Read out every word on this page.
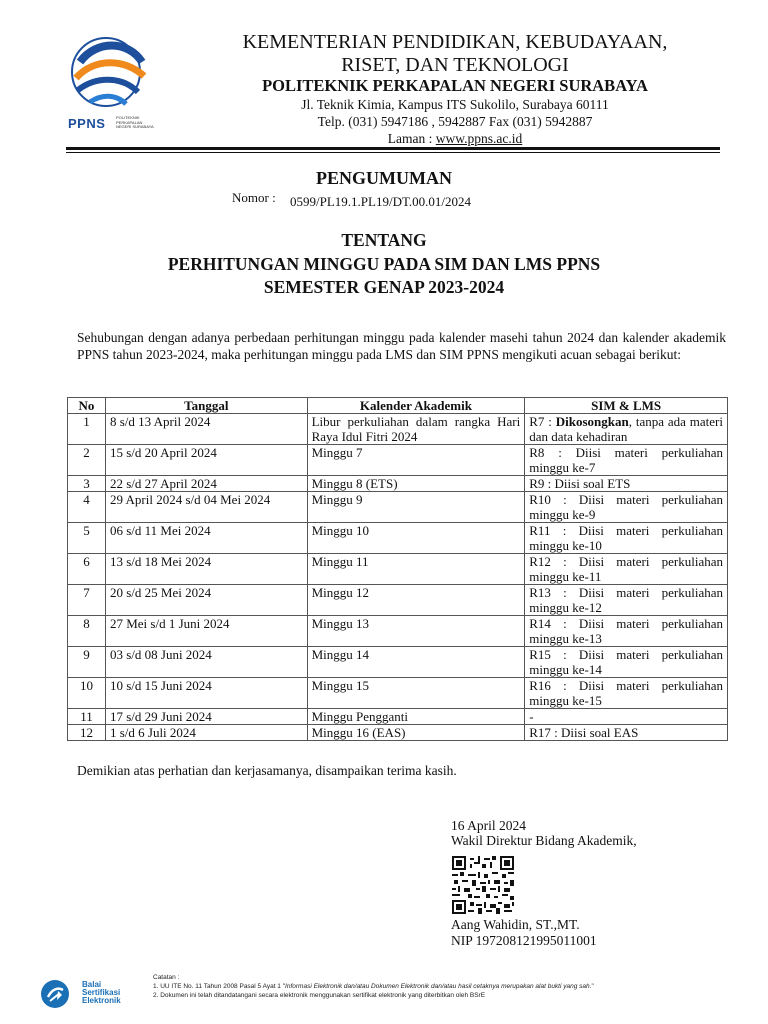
PPNS	POLITEKNIK PERKAPALAN NEGERI SURABAYA
KEMENTERIAN PENDIDIKAN, KEBUDAYAAN,
RISET, DAN TEKNOLOGI
POLITEKNIK PERKAPALAN NEGERI SURABAYA
Jl. Teknik Kimia, Kampus ITS Sukolilo, Surabaya 60111
Telp. (031) 5947186 , 5942887 Fax (031) 5942887
Laman : www.ppns.ac.id
PENGUMUMAN
Nomor : 0599/PL19.1.PL19/DT.00.01/2024
TENTANG
PERHITUNGAN MINGGU PADA SIM DAN LMS PPNS
SEMESTER GENAP 2023-2024

Sehubungan dengan adanya perbedaan perhitungan minggu pada kalender masehi tahun 2024 dan kalender akademik PPNS tahun 2023-2024, maka perhitungan minggu pada LMS dan SIM PPNS mengikuti acuan sebagai berikut:

No	Tanggal	Kalender Akademik	SIM & LMS
1	8 s/d 13 April 2024	Libur perkuliahan dalam rangka Hari Raya Idul Fitri 2024	R7 : Dikosongkan, tanpa ada materi dan data kehadiran
2	15 s/d 20 April 2024	Minggu 7	R8 : Diisi materi perkuliahan minggu ke-7
3	22 s/d 27 April 2024	Minggu 8 (ETS)	R9 : Diisi soal ETS
4	29 April 2024 s/d 04 Mei 2024	Minggu 9	R10 : Diisi materi perkuliahan minggu ke-9
5	06 s/d 11 Mei 2024	Minggu 10	R11 : Diisi materi perkuliahan minggu ke-10
6	13 s/d 18 Mei 2024	Minggu 11	R12 : Diisi materi perkuliahan minggu ke-11
7	20 s/d 25 Mei 2024	Minggu 12	R13 : Diisi materi perkuliahan minggu ke-12
8	27 Mei s/d 1 Juni 2024	Minggu 13	R14 : Diisi materi perkuliahan minggu ke-13
9	03 s/d 08 Juni 2024	Minggu 14	R15 : Diisi materi perkuliahan minggu ke-14
10	10 s/d 15 Juni 2024	Minggu 15	R16 : Diisi materi perkuliahan minggu ke-15
11	17 s/d 29 Juni 2024	Minggu Pengganti	-
12	1 s/d 6 Juli 2024	Minggu 16 (EAS)	R17 : Diisi soal EAS
Demikian atas perhatian dan kerjasamanya, disampaikan terima kasih.
16 April 2024
Wakil Direktur Bidang Akademik,
Aang Wahidin, ST.,MT.
NIP 197208121995011001
Balai
Sertifikasi
Elektronik
Catatan :
1. UU ITE No. 11 Tahun 2008 Pasal 5 Ayat 1 "Informasi Elektronik dan/atau Dokumen Elektronik dan/atau hasil cetaknya merupakan alat bukti yang sah."
2. Dokumen ini telah ditandatangani secara elektronik menggunakan sertifikat elektronik yang diterbitkan oleh BSrE
